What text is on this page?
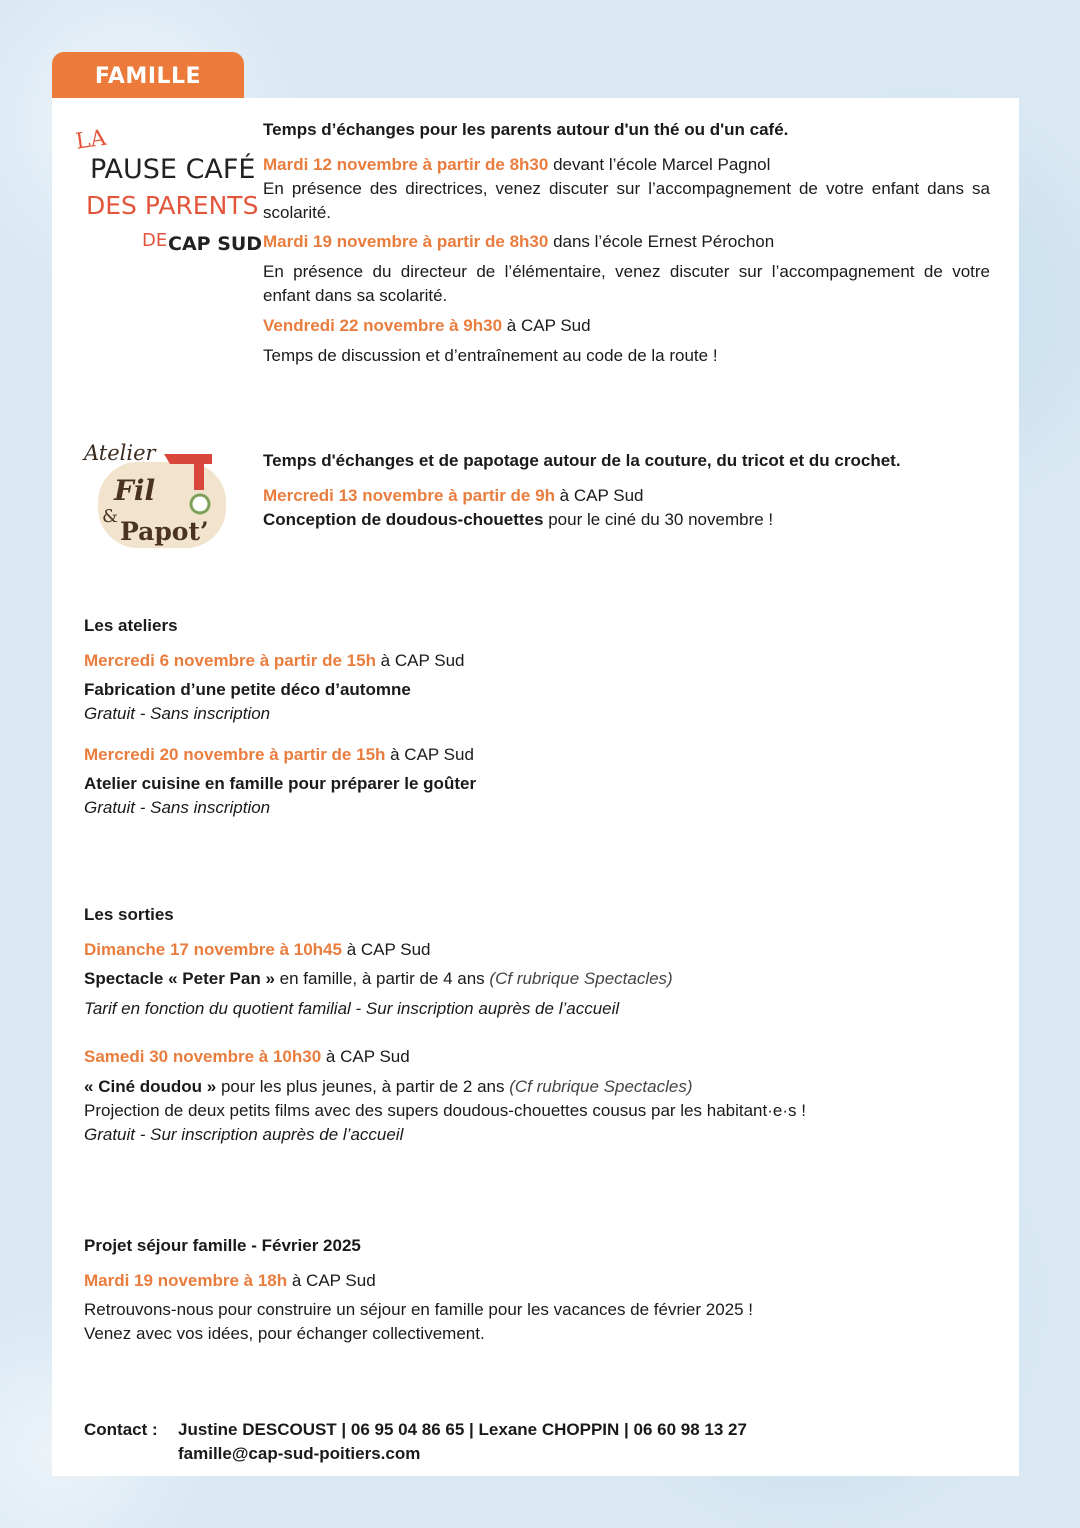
FAMILLE
LA
PAUSE CAFÉ
DES PARENTS
DE CAP SUD
Temps d’échanges pour les parents autour d'un thé ou d'un café.
Mardi 12 novembre à partir de 8h30 devant l’école Marcel Pagnol
En présence des directrices, venez discuter sur l’accompagnement de votre enfant dans sa scolarité.
Mardi 19 novembre à partir de 8h30 dans l’école Ernest Pérochon
En présence du directeur de l’élémentaire, venez discuter sur l’accompagnement de votre enfant dans sa scolarité.
Vendredi 22 novembre à 9h30 à CAP Sud
Temps de discussion et d’entraînement au code de la route !
Atelier
Fil
&
Papot’
Temps d'échanges et de papotage autour de la couture, du tricot et du crochet.
Mercredi 13 novembre à partir de 9h à CAP Sud
Conception de doudous-chouettes pour le ciné du 30 novembre !
Les ateliers
Mercredi 6 novembre à partir de 15h à CAP Sud
Fabrication d’une petite déco d’automne
Gratuit - Sans inscription
Mercredi 20 novembre à partir de 15h à CAP Sud
Atelier cuisine en famille pour préparer le goûter
Gratuit - Sans inscription
Les sorties
Dimanche 17 novembre à 10h45 à CAP Sud
Spectacle « Peter Pan » en famille, à partir de 4 ans (Cf rubrique Spectacles)
Tarif en fonction du quotient familial - Sur inscription auprès de l’accueil
Samedi 30 novembre à 10h30 à CAP Sud
« Ciné doudou » pour les plus jeunes, à partir de 2 ans (Cf rubrique Spectacles)
Projection de deux petits films avec des supers doudous-chouettes cousus par les habitant·e·s !
Gratuit - Sur inscription auprès de l’accueil
Projet séjour famille - Février 2025
Mardi 19 novembre à 18h à CAP Sud
Retrouvons-nous pour construire un séjour en famille pour les vacances de février 2025 !
Venez avec vos idées, pour échanger collectivement.
Contact : Justine DESCOUST | 06 95 04 86 65 | Lexane CHOPPIN | 06 60 98 13 27
famille@cap-sud-poitiers.com
